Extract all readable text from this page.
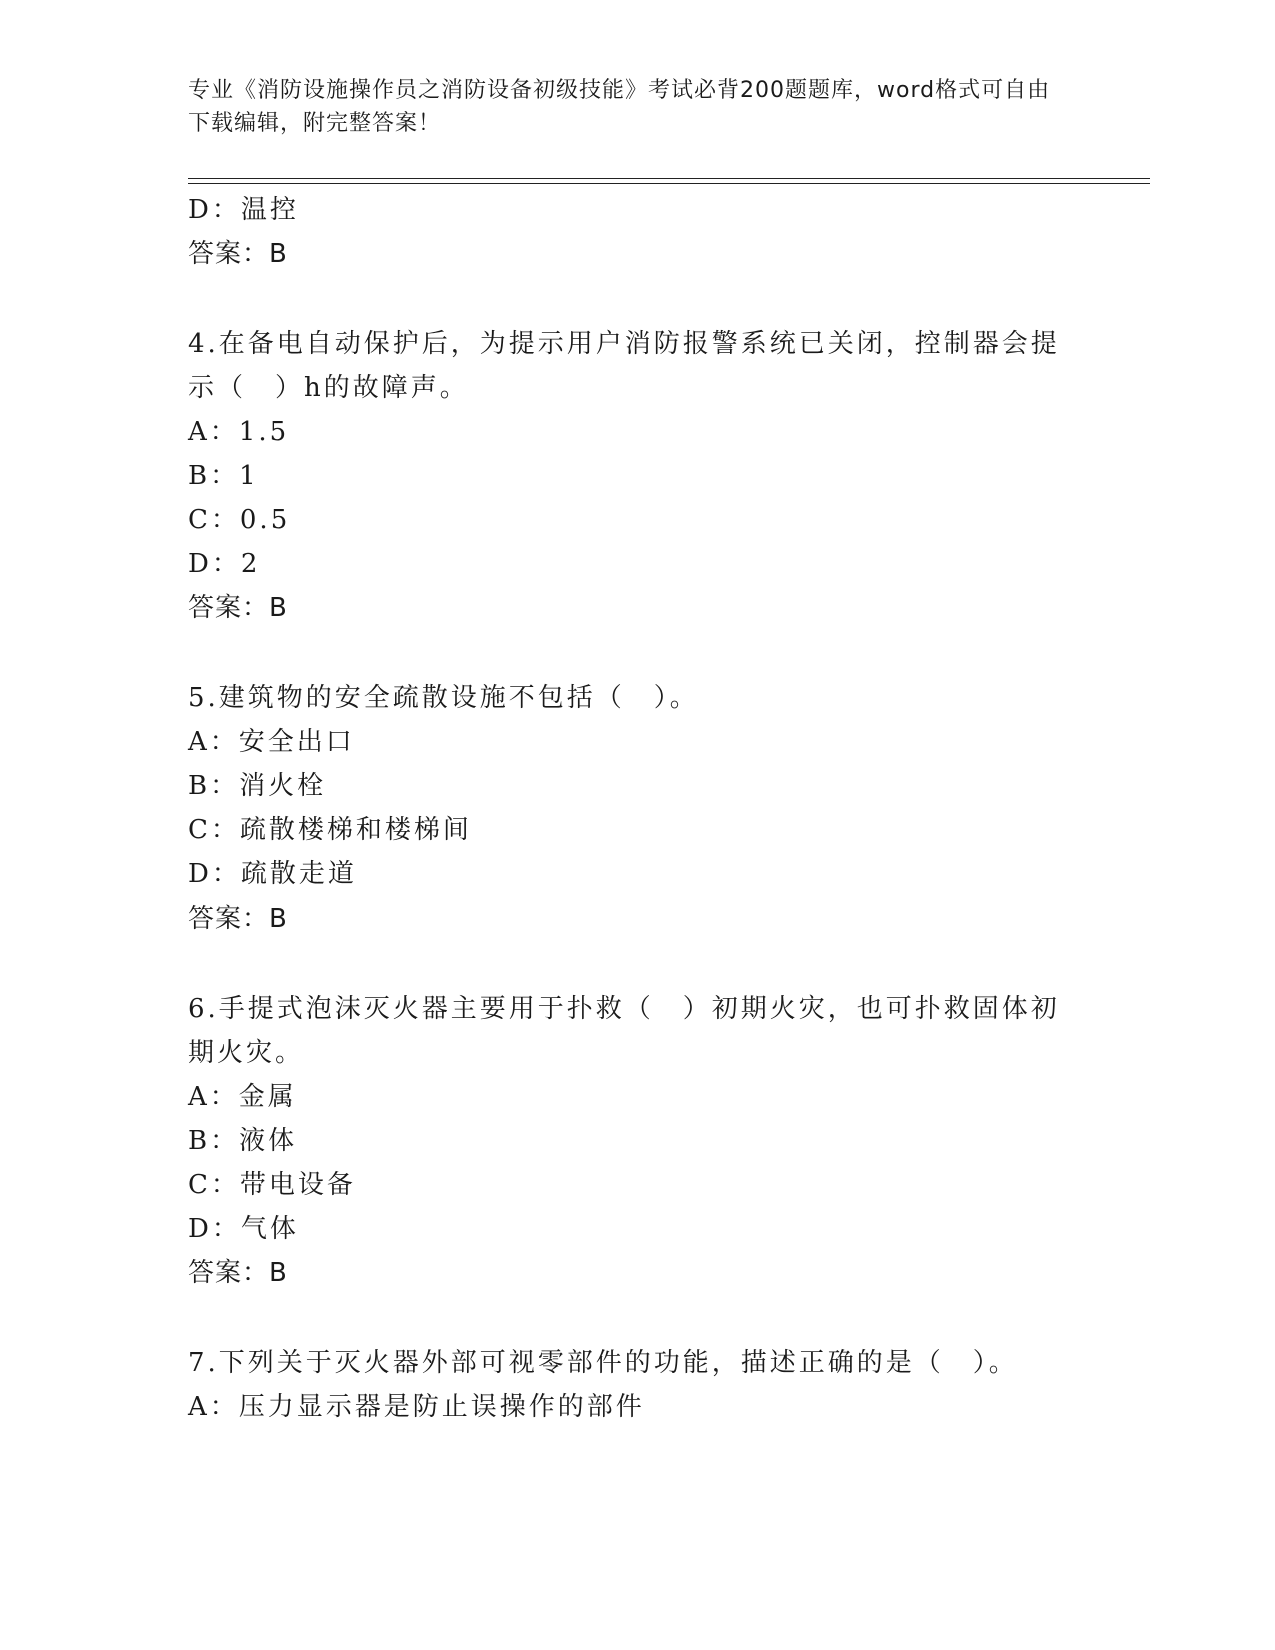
专业《消防设施操作员之消防设备初级技能》考试必背200题题库，word格式可自由下载编辑，附完整答案！
D：温控
答案：B
4.在备电自动保护后，为提示用户消防报警系统已关闭，控制器会提
示（　）h的故障声。
A：1.5
B：1
C：0.5
D：2
答案：B
5.建筑物的安全疏散设施不包括（　）。
A：安全出口
B：消火栓
C：疏散楼梯和楼梯间
D：疏散走道
答案：B
6.手提式泡沫灭火器主要用于扑救（　）初期火灾，也可扑救固体初
期火灾。
A：金属
B：液体
C：带电设备
D：气体
答案：B
7.下列关于灭火器外部可视零部件的功能，描述正确的是（　）。
A：压力显示器是防止误操作的部件
